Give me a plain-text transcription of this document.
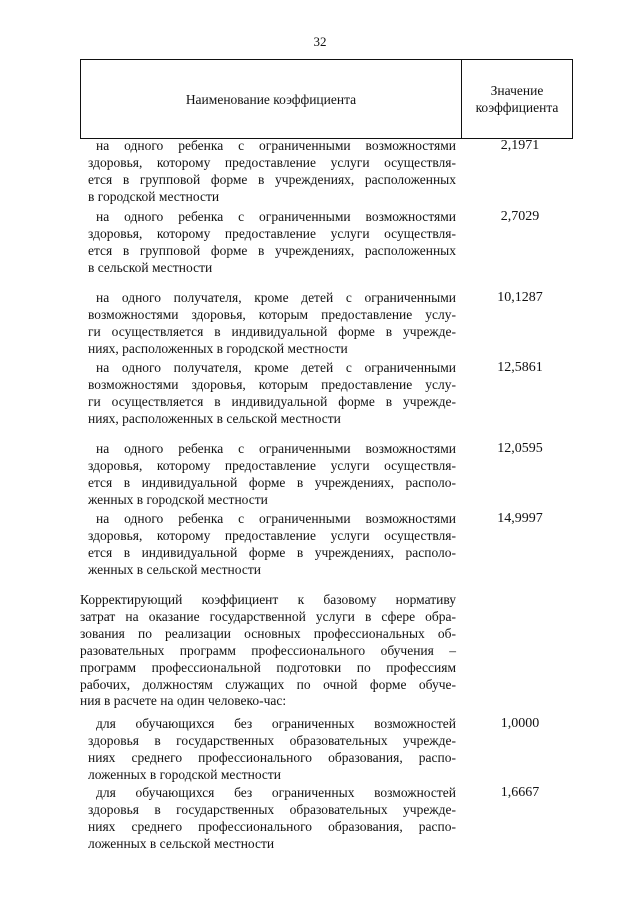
32
Наименование коэффициента
Значение
коэффициента
на одного ребенка с ограниченными возможностями
здоровья, которому предоставление услуги осуществля-
ется в групповой форме в учреждениях, расположенных
в городской местности
2,1971
на одного ребенка с ограниченными возможностями
здоровья, которому предоставление услуги осуществля-
ется в групповой форме в учреждениях, расположенных
в сельской местности
2,7029
на одного получателя, кроме детей с ограниченными
возможностями здоровья, которым предоставление услу-
ги осуществляется в индивидуальной форме в учрежде-
ниях, расположенных в городской местности
10,1287
на одного получателя, кроме детей с ограниченными
возможностями здоровья, которым предоставление услу-
ги осуществляется в индивидуальной форме в учрежде-
ниях, расположенных в сельской местности
12,5861
на одного ребенка с ограниченными возможностями
здоровья, которому предоставление услуги осуществля-
ется в индивидуальной форме в учреждениях, располо-
женных в городской местности
12,0595
на одного ребенка с ограниченными возможностями
здоровья, которому предоставление услуги осуществля-
ется в индивидуальной форме в учреждениях, располо-
женных в сельской местности
14,9997
Корректирующий коэффициент к базовому нормативу
затрат на оказание государственной услуги в сфере обра-
зования по реализации основных профессиональных об-
разовательных программ профессионального обучения –
программ профессиональной подготовки по профессиям
рабочих, должностям служащих по очной форме обуче-
ния в расчете на один человеко-час:
для обучающихся без ограниченных возможностей
здоровья в государственных образовательных учрежде-
ниях среднего профессионального образования, распо-
ложенных в городской местности
1,0000
для обучающихся без ограниченных возможностей
здоровья в государственных образовательных учрежде-
ниях среднего профессионального образования, распо-
ложенных в сельской местности
1,6667
